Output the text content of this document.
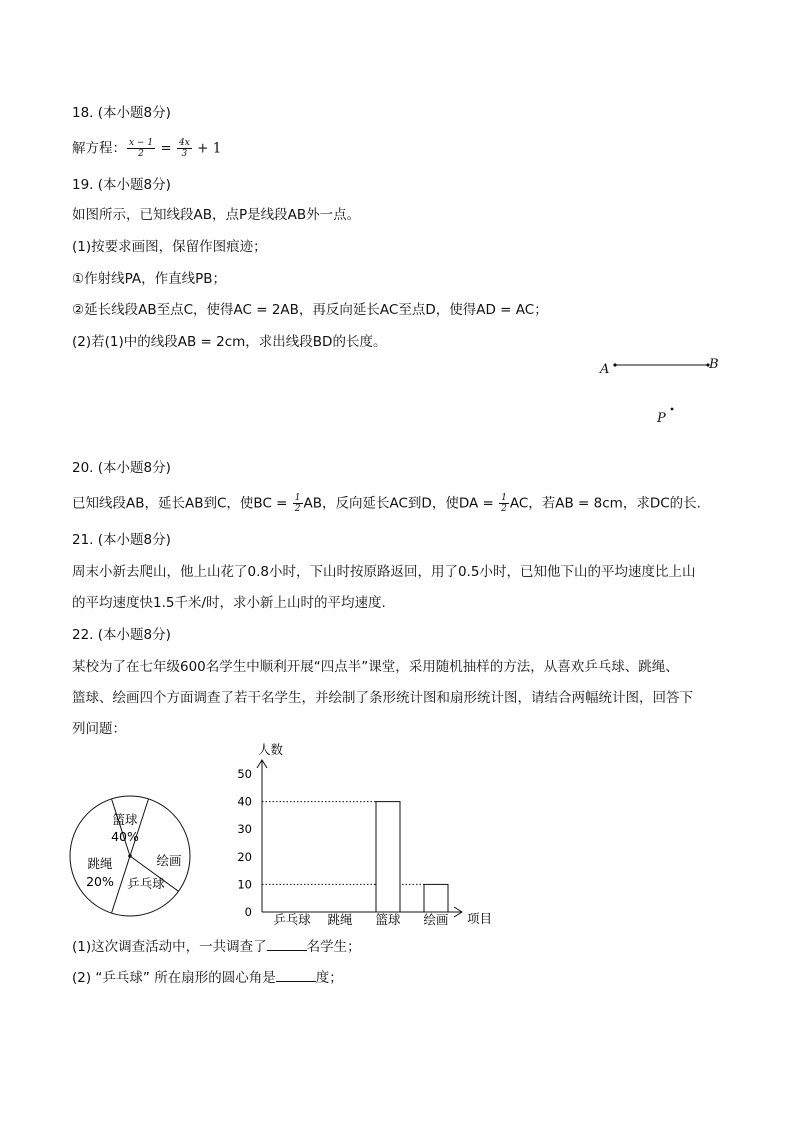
18. (本小题8分)
解方程： $\frac{x - 1}{2} = \frac{4x}{3} + 1$
19. (本小题8分)
如图所示，已知线段AB，点P是线段AB外一点。
(1)按要求画图，保留作图痕迹；
①作射线PA，作直线PB；
②延长线段AB至点C，使得AC = 2AB，再反向延长AC至点D，使得AD = AC；
(2)若(1)中的线段AB = 2cm，求出线段BD的长度。
A	B
P
20. (本小题8分)
已知线段AB，延长AB到C，使BC = $\frac{1}{2}$ AB，反向延长AC到D，使DA = $\frac{1}{2}$ AC，若AB = 8cm，求DC的长.
21. (本小题8分)
周末小新去爬山，他上山花了0.8小时，下山时按原路返回，用了0.5小时，已知他下山的平均速度比上山
的平均速度快1.5千米/时，求小新上山时的平均速度.
22. (本小题8分)
某校为了在七年级600名学生中顺利开展“四点半”课堂，采用随机抽样的方法，从喜欢乒乓球、跳绳、
篮球、绘画四个方面调查了若干名学生，并绘制了条形统计图和扇形统计图，请结合两幅统计图，回答下
列问题：
篮球
40%
绘画
乒乓球
跳绳
20%
人数
项目
0
10
20
30
40
50
乒乓球 跳绳 篮球 绘画
(1)这次调查活动中，一共调查了	名学生；
(2) “乒乓球” 所在扇形的圆心角是	度；
